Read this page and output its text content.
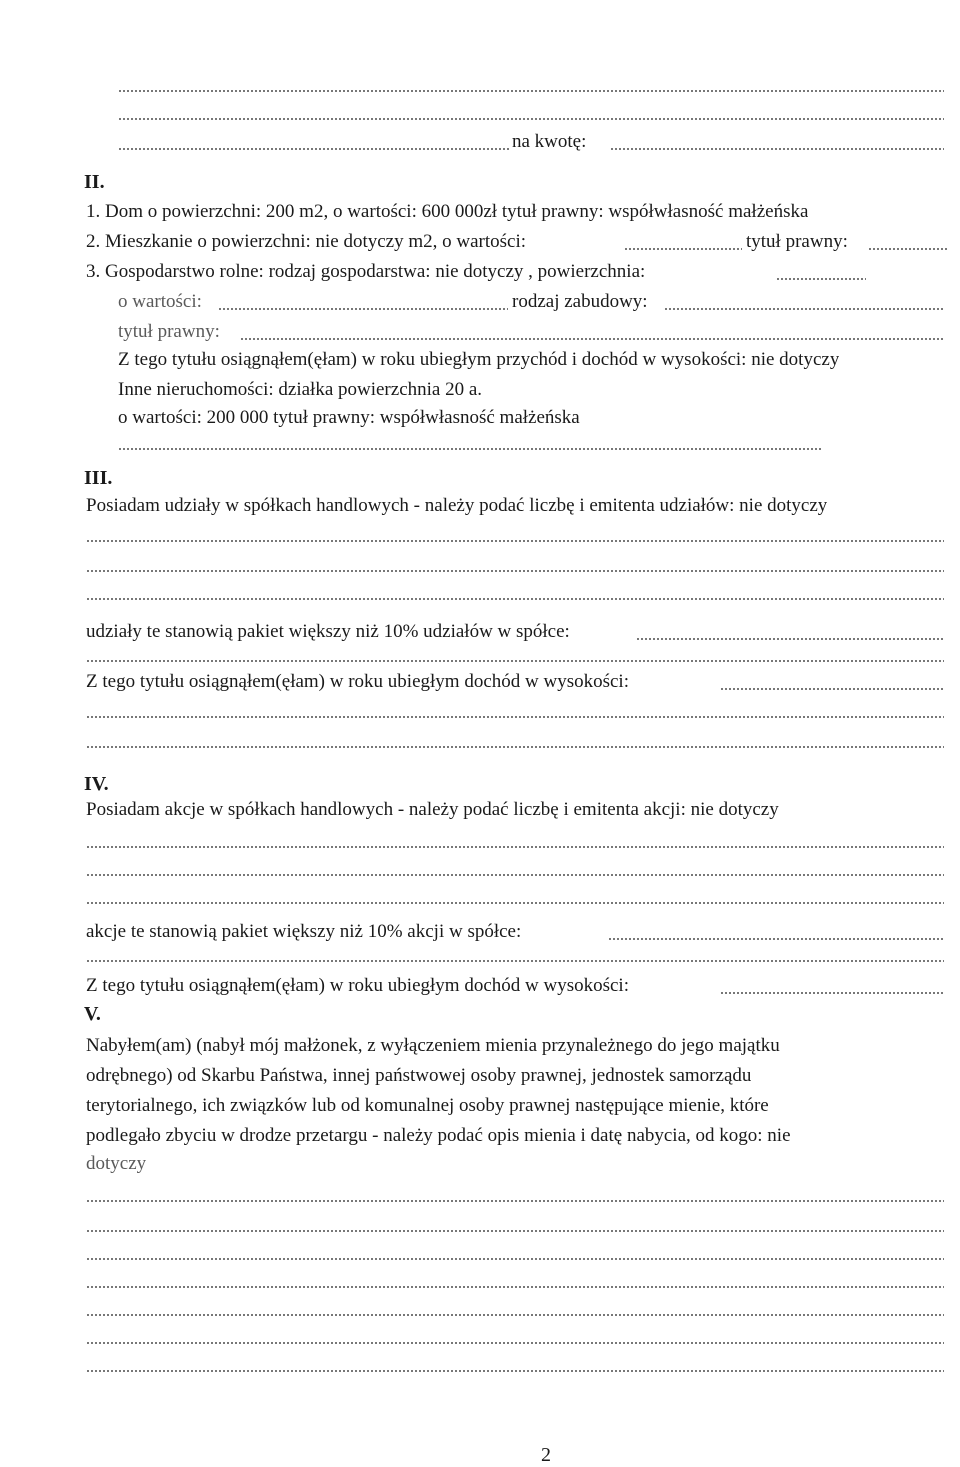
na kwotę:
II.
1. Dom o powierzchni: 200 m2, o wartości: 600 000zł tytuł prawny: współwłasność małżeńska
2. Mieszkanie o powierzchni: nie dotyczy m2, o wartości:	tytuł prawny:
3. Gospodarstwo rolne: rodzaj gospodarstwa: nie dotyczy , powierzchnia:
o wartości:	rodzaj zabudowy:
tytuł prawny:
Z tego tytułu osiągnąłem(ęłam) w roku ubiegłym przychód i dochód w wysokości: nie dotyczy
Inne nieruchomości: działka powierzchnia 20 a.
o wartości: 200 000 tytuł prawny: współwłasność małżeńska
III.
Posiadam udziały w spółkach handlowych - należy podać liczbę i emitenta udziałów: nie dotyczy
udziały te stanowią pakiet większy niż 10% udziałów w spółce:
Z tego tytułu osiągnąłem(ęłam) w roku ubiegłym dochód w wysokości:
IV.
Posiadam akcje w spółkach handlowych - należy podać liczbę i emitenta akcji: nie dotyczy
akcje te stanowią pakiet większy niż 10% akcji w spółce:
Z tego tytułu osiągnąłem(ęłam) w roku ubiegłym dochód w wysokości:
V.
Nabyłem(am) (nabył mój małżonek, z wyłączeniem mienia przynależnego do jego majątku
odrębnego) od Skarbu Państwa, innej państwowej osoby prawnej, jednostek samorządu
terytorialnego, ich związków lub od komunalnej osoby prawnej następujące mienie, które
podlegało zbyciu w drodze przetargu - należy podać opis mienia i datę nabycia, od kogo: nie
dotyczy
2
